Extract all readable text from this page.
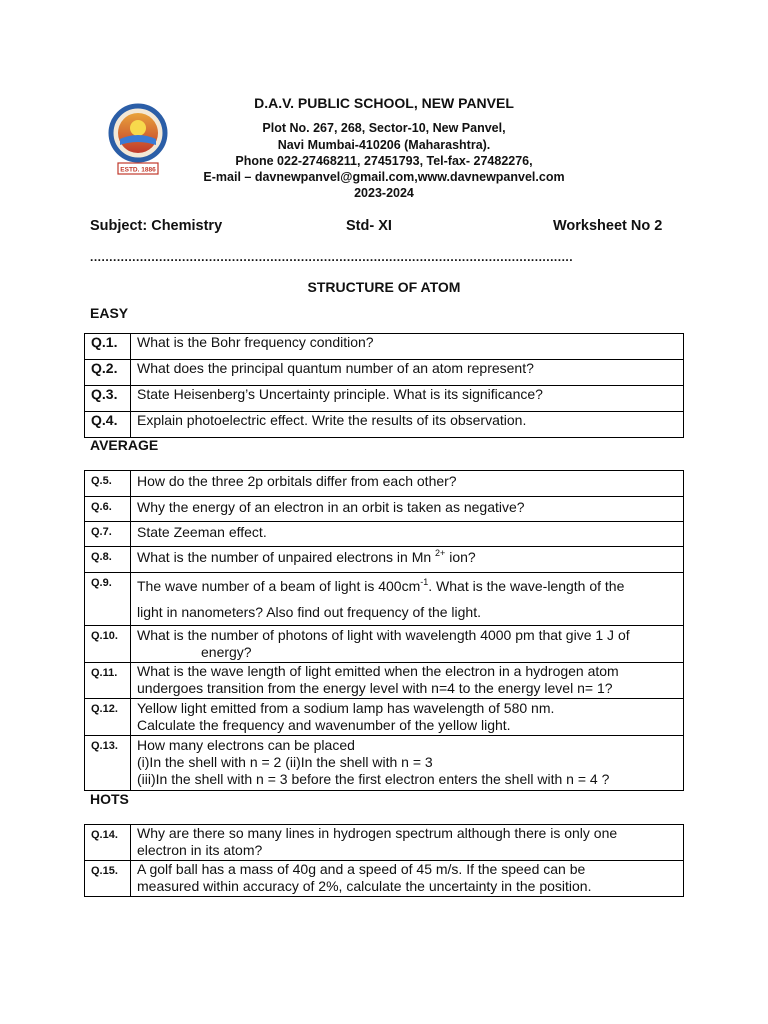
ESTD. 1886
D.A.V. PUBLIC SCHOOL, NEW PANVEL
Plot No. 267, 268, Sector-10, New Panvel,
Navi Mumbai-410206 (Maharashtra).
Phone 022-27468211, 27451793, Tel-fax- 27482276,
E-mail – davnewpanvel@gmail.com,www.davnewpanvel.com
2023-2024
Subject: Chemistry	Std- XI	Worksheet No 2
..............................................................................................................................
STRUCTURE OF ATOM
EASY
Q.1.	What is the Bohr frequency condition?
Q.2.	What does the principal quantum number of an atom represent?
Q.3.	State Heisenberg’s Uncertainty principle. What is its significance?
Q.4.	Explain photoelectric effect. Write the results of its observation.
AVERAGE
Q.5.	How do the three 2p orbitals differ from each other?
Q.6.	Why the energy of an electron in an orbit is taken as negative?
Q.7.	State Zeeman effect.
Q.8.	What is the number of unpaired electrons in Mn $^{2+}$ ion?
Q.9.	The wave number of a beam of light is $400cm^{-1}$. What is the wave-length of the
light in nanometers? Also find out frequency of the light.
Q.10.	What is the number of photons of light with wavelength 4000 pm that give 1 J of
energy?

Q.11.	What is the wave length of light emitted when the electron in a hydrogen atom
undergoes transition from the energy level with n=4 to the energy level n= 1?
Q.12.	Yellow light emitted from a sodium lamp has wavelength of 580 nm.
Calculate the frequency and wavenumber of the yellow light.
Q.13.	How many electrons can be placed
(i)In the shell with n = 2 (ii)In the shell with n = 3
(iii)In the shell with n = 3 before the first electron enters the shell with n = 4 ?
HOTS
Q.14.	Why are there so many lines in hydrogen spectrum although there is only one
electron in its atom?
Q.15.	A golf ball has a mass of 40g and a speed of 45 m/s. If the speed can be
measured within accuracy of 2%, calculate the uncertainty in the position.
